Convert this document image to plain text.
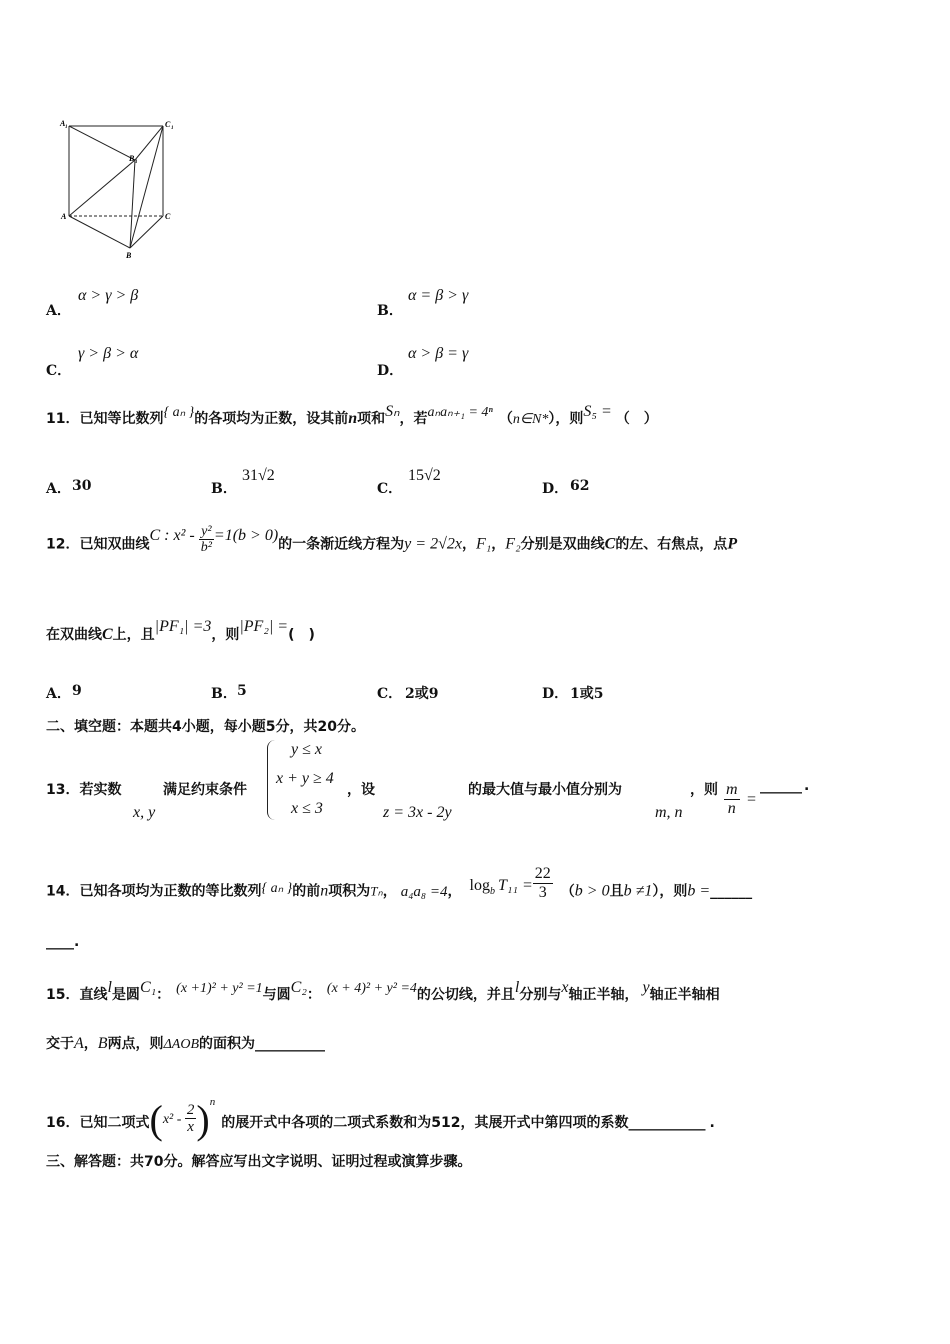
A 1	C 1
B 1
A	C
B
A．
α > γ > β
B．
α = β > γ
C．
γ > β > α
D．
α > β = γ
11．已知等比数列{ aₙ }的各项均为正数，设其前n项和Sₙ，若aₙaₙ₊₁ = 4ⁿ （n∈N*），则S₅ = （　）
A． 30	B．
31√2
C．
15√2
D． 62
12．已知双曲线C : $x^2 - \frac{\text{y²}}{\text{b²}} =1(b > 0)$的一条渐近线方程为y = 2√2x，F₁，F₂分别是双曲线C的左、右焦点，点P
在双曲线C上，且|PF₁| =3，则|PF₂| =(　)
A． 9	B． 5	C． 2或9	D． 1或5
二、填空题：本题共4小题，每小题5分，共20分。
13．若实数	满足约束条件
y ≤ x
x + y ≥ 4
x ≤ 3
，设	的最大值与最小值分别为	，则
x, y	z = 3x - 2y	m, n	$\frac{m}{n}$ =
______ .
14．已知各项均为正数的等比数列{ aₙ }的前n项积为Tₙ， a₄a₈ =4， logb $T_{11} = \frac{22}{3} (b > 0$且b ≠1），则b =______
____.
15．直线l是圆C₁： (x +1)² + y² =1与圆C₂： (x + 4)² + y² =4的公切线，并且l分别与x轴正半轴， y轴正半轴相
交于A，B两点，则ΔAOB的面积为__________
16．已知二项式$(x^2 - \frac{2}{x} )^n$的展开式中各项的二项式系数和为512，其展开式中第四项的系数___________ .
三、解答题：共70分。解答应写出文字说明、证明过程或演算步骤。
